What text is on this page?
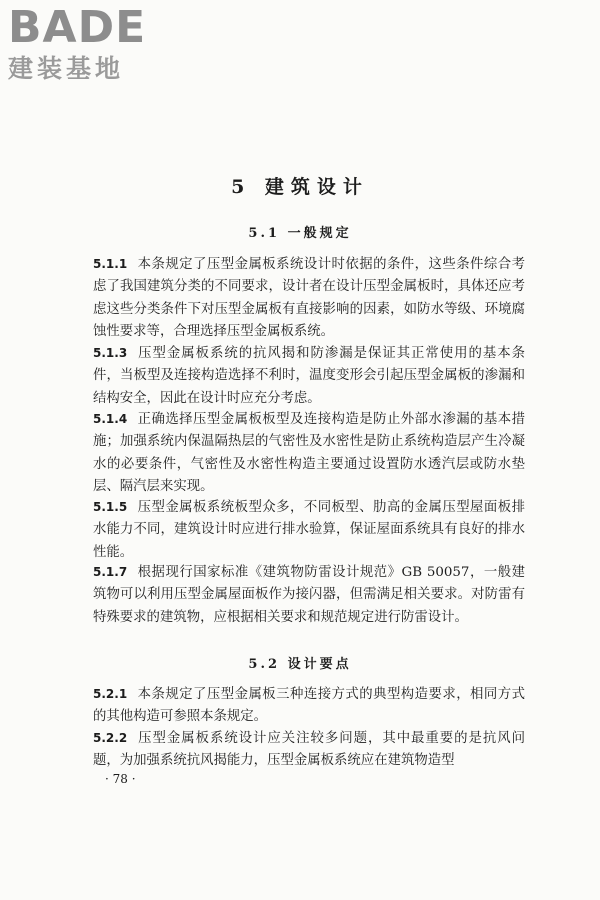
BADE
建装基地
5 建筑设计
5.1 一般规定

5.1.1 本条规定了压型金属板系统设计时依据的条件，这些条件综合考虑了我国建筑分类的不同要求，设计者在设计压型金属板时，具体还应考虑这些分类条件下对压型金属板有直接影响的因素，如防水等级、环境腐蚀性要求等，合理选择压型金属板系统。

5.1.3 压型金属板系统的抗风揭和防渗漏是保证其正常使用的基本条件，当板型及连接构造选择不利时，温度变形会引起压型金属板的渗漏和结构安全，因此在设计时应充分考虑。

5.1.4 正确选择压型金属板板型及连接构造是防止外部水渗漏的基本措施；加强系统内保温隔热层的气密性及水密性是防止系统构造层产生冷凝水的必要条件，气密性及水密性构造主要通过设置防水透汽层或防水垫层、隔汽层来实现。

5.1.5 压型金属板系统板型众多，不同板型、肋高的金属压型屋面板排水能力不同，建筑设计时应进行排水验算，保证屋面系统具有良好的排水性能。

5.1.7 根据现行国家标准《建筑物防雷设计规范》GB 50057，一般建筑物可以利用压型金属屋面板作为接闪器，但需满足相关要求。对防雷有特殊要求的建筑物，应根据相关要求和规范规定进行防雷设计。

5.2 设计要点

5.2.1 本条规定了压型金属板三种连接方式的典型构造要求，相同方式的其他构造可参照本条规定。

5.2.2 压型金属板系统设计应关注较多问题，其中最重要的是抗风问题，为加强系统抗风揭能力，压型金属板系统应在建筑物造型

· 78 ·
